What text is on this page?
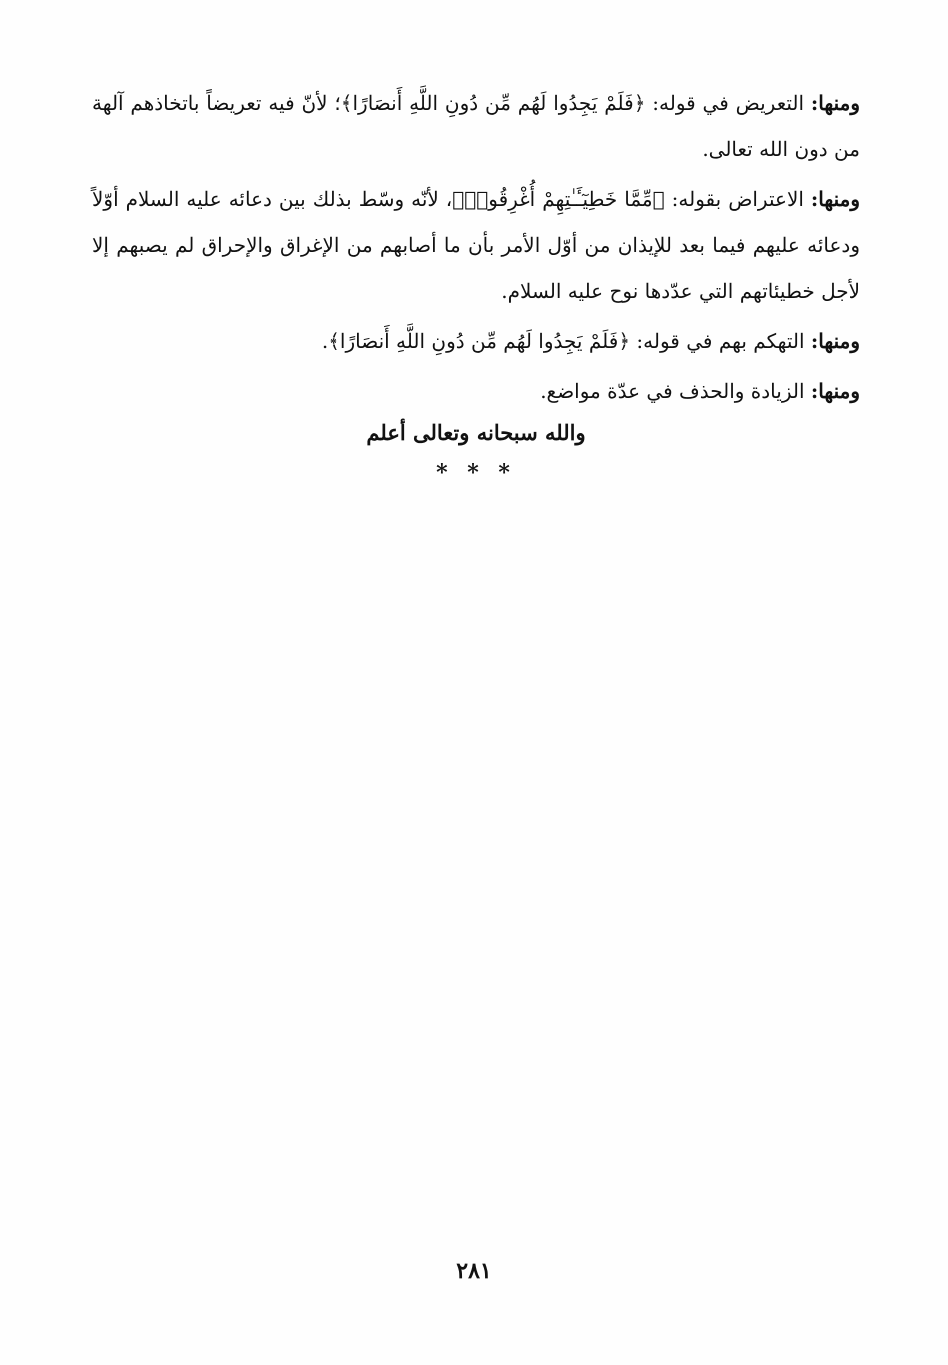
ومنها: التعريض في قوله: ﴿فَلَمْ يَجِدُوا لَهُم مِّن دُونِ اللَّهِ أَنصَارًا﴾؛ لأنّ فيه تعريضاً باتخاذهم آلهة من دون الله تعالى.

ومنها: الاعتراض بقوله: ﴿مِّمَّا خَطِيٓـَٔـٰتِهِمْ أُغْرِقُوا۟﴾، لأنّه وسّط بذلك بين دعائه عليه السلام أوّلاً ودعائه عليهم فيما بعد للإيذان من أوّل الأمر بأن ما أصابهم من الإغراق والإحراق لم يصبهم إلا لأجل خطيئاتهم التي عدّدها نوح عليه السلام.

ومنها: التهكم بهم في قوله: ﴿فَلَمْ يَجِدُوا لَهُم مِّن دُونِ اللَّهِ أَنصَارًا﴾.

ومنها: الزيادة والحذف في عدّة مواضع.

والله سبحانه وتعالى أعلم
* * *
٢٨١
